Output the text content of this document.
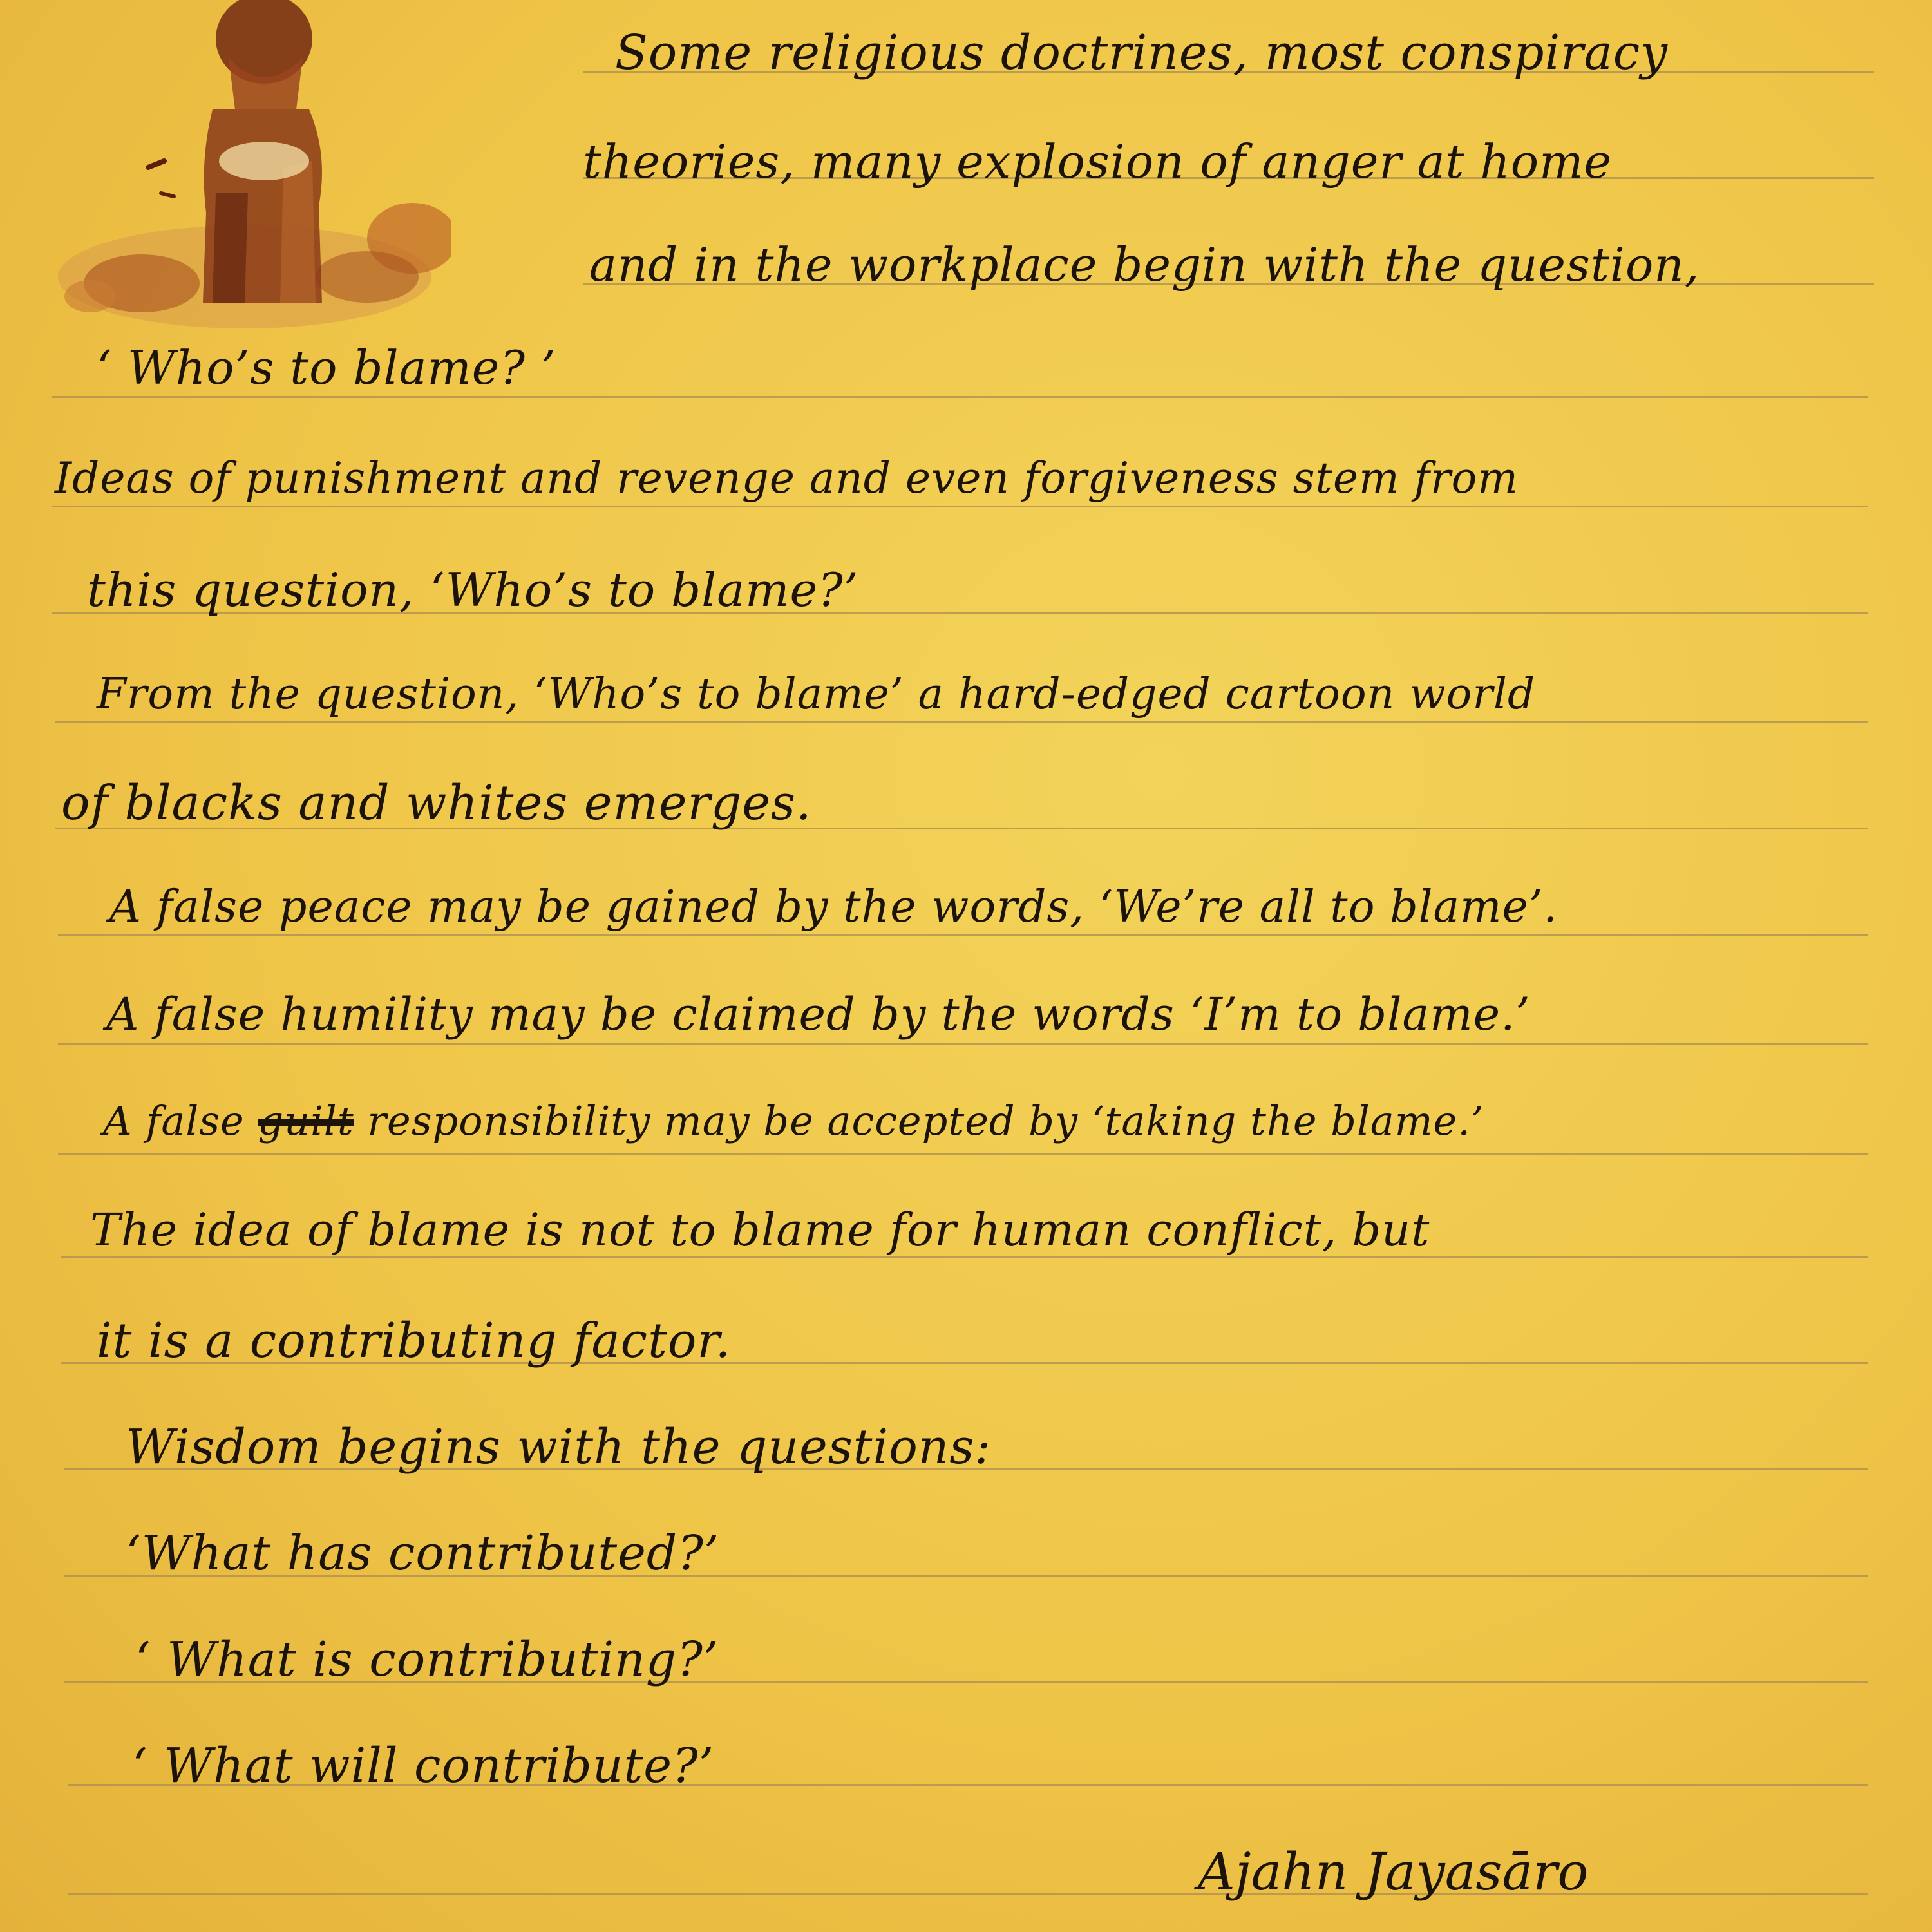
Some religious doctrines, most conspiracy
theories, many explosion of anger at home
and in the workplace begin with the question,
‘ Who’s to blame? ’
Ideas of punishment and revenge and even forgiveness stem from
this question, ‘Who’s to blame?’
From the question, ‘Who’s to blame’ a hard-edged cartoon world
of blacks and whites emerges.
A false peace may be gained by the words, ‘We’re all to blame’.
A false humility may be claimed by the words ‘I’m to blame.’
A false guilt responsibility may be accepted by ‘taking the blame.’
The idea of blame is not to blame for human conflict, but
it is a contributing factor.
Wisdom begins with the questions:
‘What has contributed?’
‘ What is contributing?’
‘ What will contribute?’
Ajahn Jayasāro
